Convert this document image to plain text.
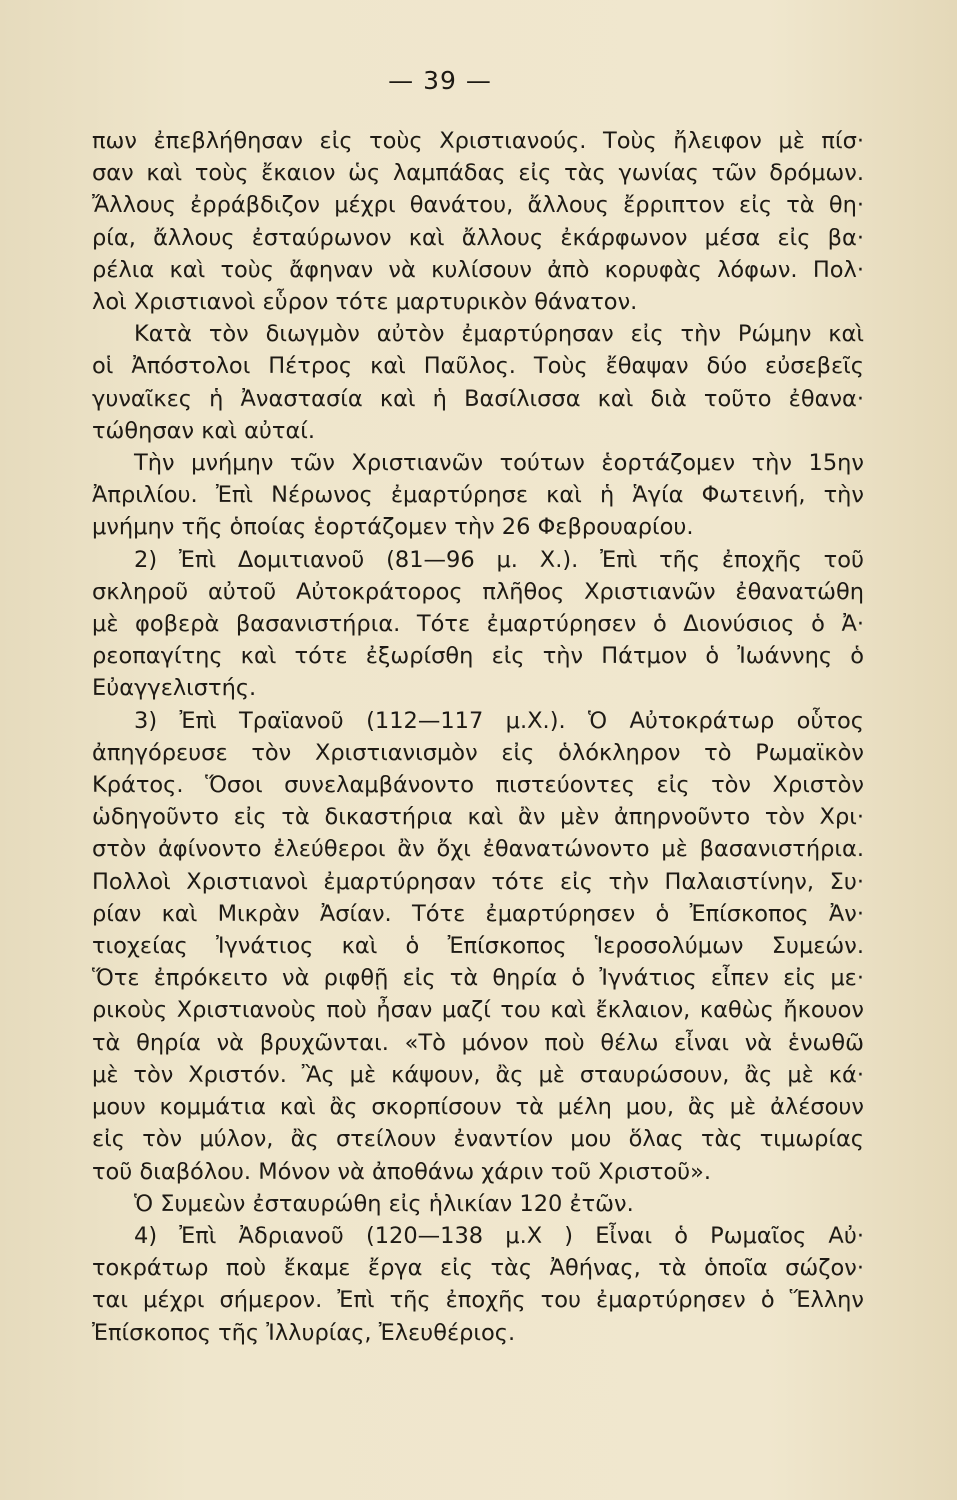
— 39 —
πων ἐπεβλήθησαν εἰς τοὺς Χριστιανούς. Τοὺς ἤλειφον μὲ πίσ·
σαν καὶ τοὺς ἔκαιον ὡς λαμπάδας εἰς τὰς γωνίας τῶν δρόμων.
Ἄλλους ἐρράβδιζον μέχρι θανάτου, ἄλλους ἔρριπτον εἰς τὰ θη·
ρία, ἄλλους ἐσταύρωνον καὶ ἄλλους ἐκάρφωνον μέσα εἰς βα·
ρέλια καὶ τοὺς ἄφηναν νὰ κυλίσουν ἀπὸ κορυφὰς λόφων. Πολ·
λοὶ Χριστιανοὶ εὗρον τότε μαρτυρικὸν θάνατον.
Κατὰ τὸν διωγμὸν αὐτὸν ἐμαρτύρησαν εἰς τὴν Ρώμην καὶ
οἱ Ἀπόστολοι Πέτρος καὶ Παῦλος. Τοὺς ἔθαψαν δύο εὐσεβεῖς
γυναῖκες ἡ Ἀναστασία καὶ ἡ Βασίλισσα καὶ διὰ τοῦτο ἐθανα·
τώθησαν καὶ αὐταί.
Τὴν μνήμην τῶν Χριστιανῶν τούτων ἑορτάζομεν τὴν 15ην
Ἀπριλίου. Ἐπὶ Νέρωνος ἐμαρτύρησε καὶ ἡ Ἁγία Φωτεινή, τὴν
μνήμην τῆς ὁποίας ἑορτάζομεν τὴν 26 Φεβρουαρίου.
2) Ἐπὶ Δομιτιανοῦ (81—96 μ. Χ.). Ἐπὶ τῆς ἐποχῆς τοῦ
σκληροῦ αὐτοῦ Αὐτοκράτορος πλῆθος Χριστιανῶν ἐθανατώθη
μὲ φοβερὰ βασανιστήρια. Τότε ἐμαρτύρησεν ὁ Διονύσιος ὁ Ἀ·
ρεοπαγίτης καὶ τότε ἐξωρίσθη εἰς τὴν Πάτμον ὁ Ἰωάννης ὁ
Εὐαγγελιστής.
3) Ἐπὶ Τραϊανοῦ (112—117 μ.Χ.). Ὁ Αὐτοκράτωρ οὗτος
ἀπηγόρευσε τὸν Χριστιανισμὸν εἰς ὁλόκληρον τὸ Ρωμαϊκὸν
Κράτος. Ὅσοι συνελαμβάνοντο πιστεύοντες εἰς τὸν Χριστὸν
ὡδηγοῦντο εἰς τὰ δικαστήρια καὶ ἂν μὲν ἀπηρνοῦντο τὸν Χρι·
στὸν ἀφίνοντο ἐλεύθεροι ἂν ὄχι ἐθανατώνοντο μὲ βασανιστήρια.
Πολλοὶ Χριστιανοὶ ἐμαρτύρησαν τότε εἰς τὴν Παλαιστίνην, Συ·
ρίαν καὶ Μικρὰν Ἀσίαν. Τότε ἐμαρτύρησεν ὁ Ἐπίσκοπος Ἀν·
τιοχείας Ἰγνάτιος καὶ ὁ Ἐπίσκοπος Ἱεροσολύμων Συμεών.
Ὅτε ἐπρόκειτο νὰ ριφθῇ εἰς τὰ θηρία ὁ Ἰγνάτιος εἶπεν εἰς με·
ρικοὺς Χριστιανοὺς ποὺ ἦσαν μαζί του καὶ ἔκλαιον, καθὼς ἤκουον
τὰ θηρία νὰ βρυχῶνται. «Τὸ μόνον ποὺ θέλω εἶναι νὰ ἑνωθῶ
μὲ τὸν Χριστόν. Ἂς μὲ κάψουν, ἂς μὲ σταυρώσουν, ἂς μὲ κά·
μουν κομμάτια καὶ ἂς σκορπίσουν τὰ μέλη μου, ἂς μὲ ἀλέσουν
εἰς τὸν μύλον, ἂς στείλουν ἐναντίον μου ὅλας τὰς τιμωρίας
τοῦ διαβόλου. Μόνον νὰ ἀποθάνω χάριν τοῦ Χριστοῦ».
Ὁ Συμεὼν ἐσταυρώθη εἰς ἡλικίαν 120 ἐτῶν.
4) Ἐπὶ Ἀδριανοῦ (120—138 μ.Χ ) Εἶναι ὁ Ρωμαῖος Αὐ·
τοκράτωρ ποὺ ἔκαμε ἔργα εἰς τὰς Ἀθήνας, τὰ ὁποῖα σώζον·
ται μέχρι σήμερον. Ἐπὶ τῆς ἐποχῆς του ἐμαρτύρησεν ὁ Ἕλλην
Ἐπίσκοπος τῆς Ἰλλυρίας, Ἐλευθέριος.
